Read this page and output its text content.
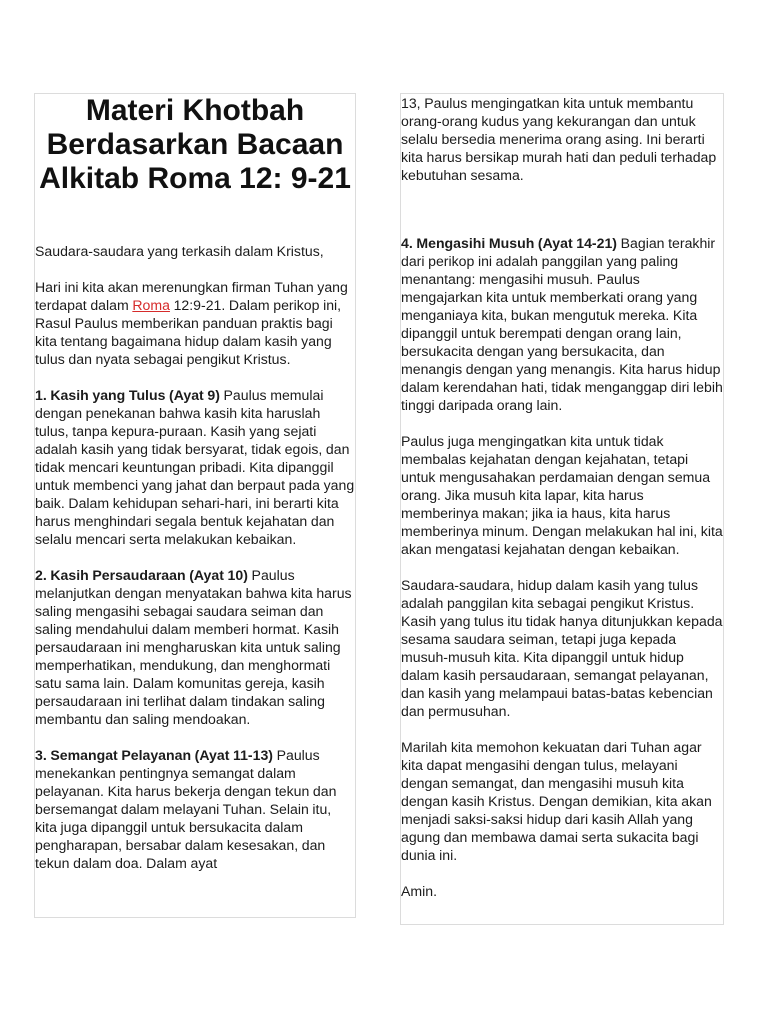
Materi Khotbah
Berdasarkan Bacaan
Alkitab Roma 12: 9-21

Saudara-saudara yang terkasih dalam Kristus,

Hari ini kita akan merenungkan firman Tuhan yang terdapat dalam Roma 12:9-21. Dalam perikop ini, Rasul Paulus memberikan panduan praktis bagi kita tentang bagaimana hidup dalam kasih yang tulus dan nyata sebagai pengikut Kristus.

1. Kasih yang Tulus (Ayat 9) Paulus memulai dengan penekanan bahwa kasih kita haruslah tulus, tanpa kepura-puraan. Kasih yang sejati adalah kasih yang tidak bersyarat, tidak egois, dan tidak mencari keuntungan pribadi. Kita dipanggil untuk membenci yang jahat dan berpaut pada yang baik. Dalam kehidupan sehari-hari, ini berarti kita harus menghindari segala bentuk kejahatan dan selalu mencari serta melakukan kebaikan.

2. Kasih Persaudaraan (Ayat 10) Paulus melanjutkan dengan menyatakan bahwa kita harus saling mengasihi sebagai saudara seiman dan saling mendahului dalam memberi hormat. Kasih persaudaraan ini mengharuskan kita untuk saling memperhatikan, mendukung, dan menghormati satu sama lain. Dalam komunitas gereja, kasih persaudaraan ini terlihat dalam tindakan saling membantu dan saling mendoakan.

3. Semangat Pelayanan (Ayat 11-13) Paulus menekankan pentingnya semangat dalam pelayanan. Kita harus bekerja dengan tekun dan bersemangat dalam melayani Tuhan. Selain itu, kita juga dipanggil untuk bersukacita dalam pengharapan, bersabar dalam kesesakan, dan tekun dalam doa. Dalam ayat

13, Paulus mengingatkan kita untuk membantu orang-orang kudus yang kekurangan dan untuk selalu bersedia menerima orang asing. Ini berarti kita harus bersikap murah hati dan peduli terhadap kebutuhan sesama.

4. Mengasihi Musuh (Ayat 14-21) Bagian terakhir dari perikop ini adalah panggilan yang paling menantang: mengasihi musuh. Paulus mengajarkan kita untuk memberkati orang yang menganiaya kita, bukan mengutuk mereka. Kita dipanggil untuk berempati dengan orang lain, bersukacita dengan yang bersukacita, dan menangis dengan yang menangis. Kita harus hidup dalam kerendahan hati, tidak menganggap diri lebih tinggi daripada orang lain.

Paulus juga mengingatkan kita untuk tidak membalas kejahatan dengan kejahatan, tetapi untuk mengusahakan perdamaian dengan semua orang. Jika musuh kita lapar, kita harus memberinya makan; jika ia haus, kita harus memberinya minum. Dengan melakukan hal ini, kita akan mengatasi kejahatan dengan kebaikan.

Saudara-saudara, hidup dalam kasih yang tulus adalah panggilan kita sebagai pengikut Kristus. Kasih yang tulus itu tidak hanya ditunjukkan kepada sesama saudara seiman, tetapi juga kepada musuh-musuh kita. Kita dipanggil untuk hidup dalam kasih persaudaraan, semangat pelayanan, dan kasih yang melampaui batas-batas kebencian dan permusuhan.

Marilah kita memohon kekuatan dari Tuhan agar kita dapat mengasihi dengan tulus, melayani dengan semangat, dan mengasihi musuh kita dengan kasih Kristus. Dengan demikian, kita akan menjadi saksi-saksi hidup dari kasih Allah yang agung dan membawa damai serta sukacita bagi dunia ini.

Amin.
